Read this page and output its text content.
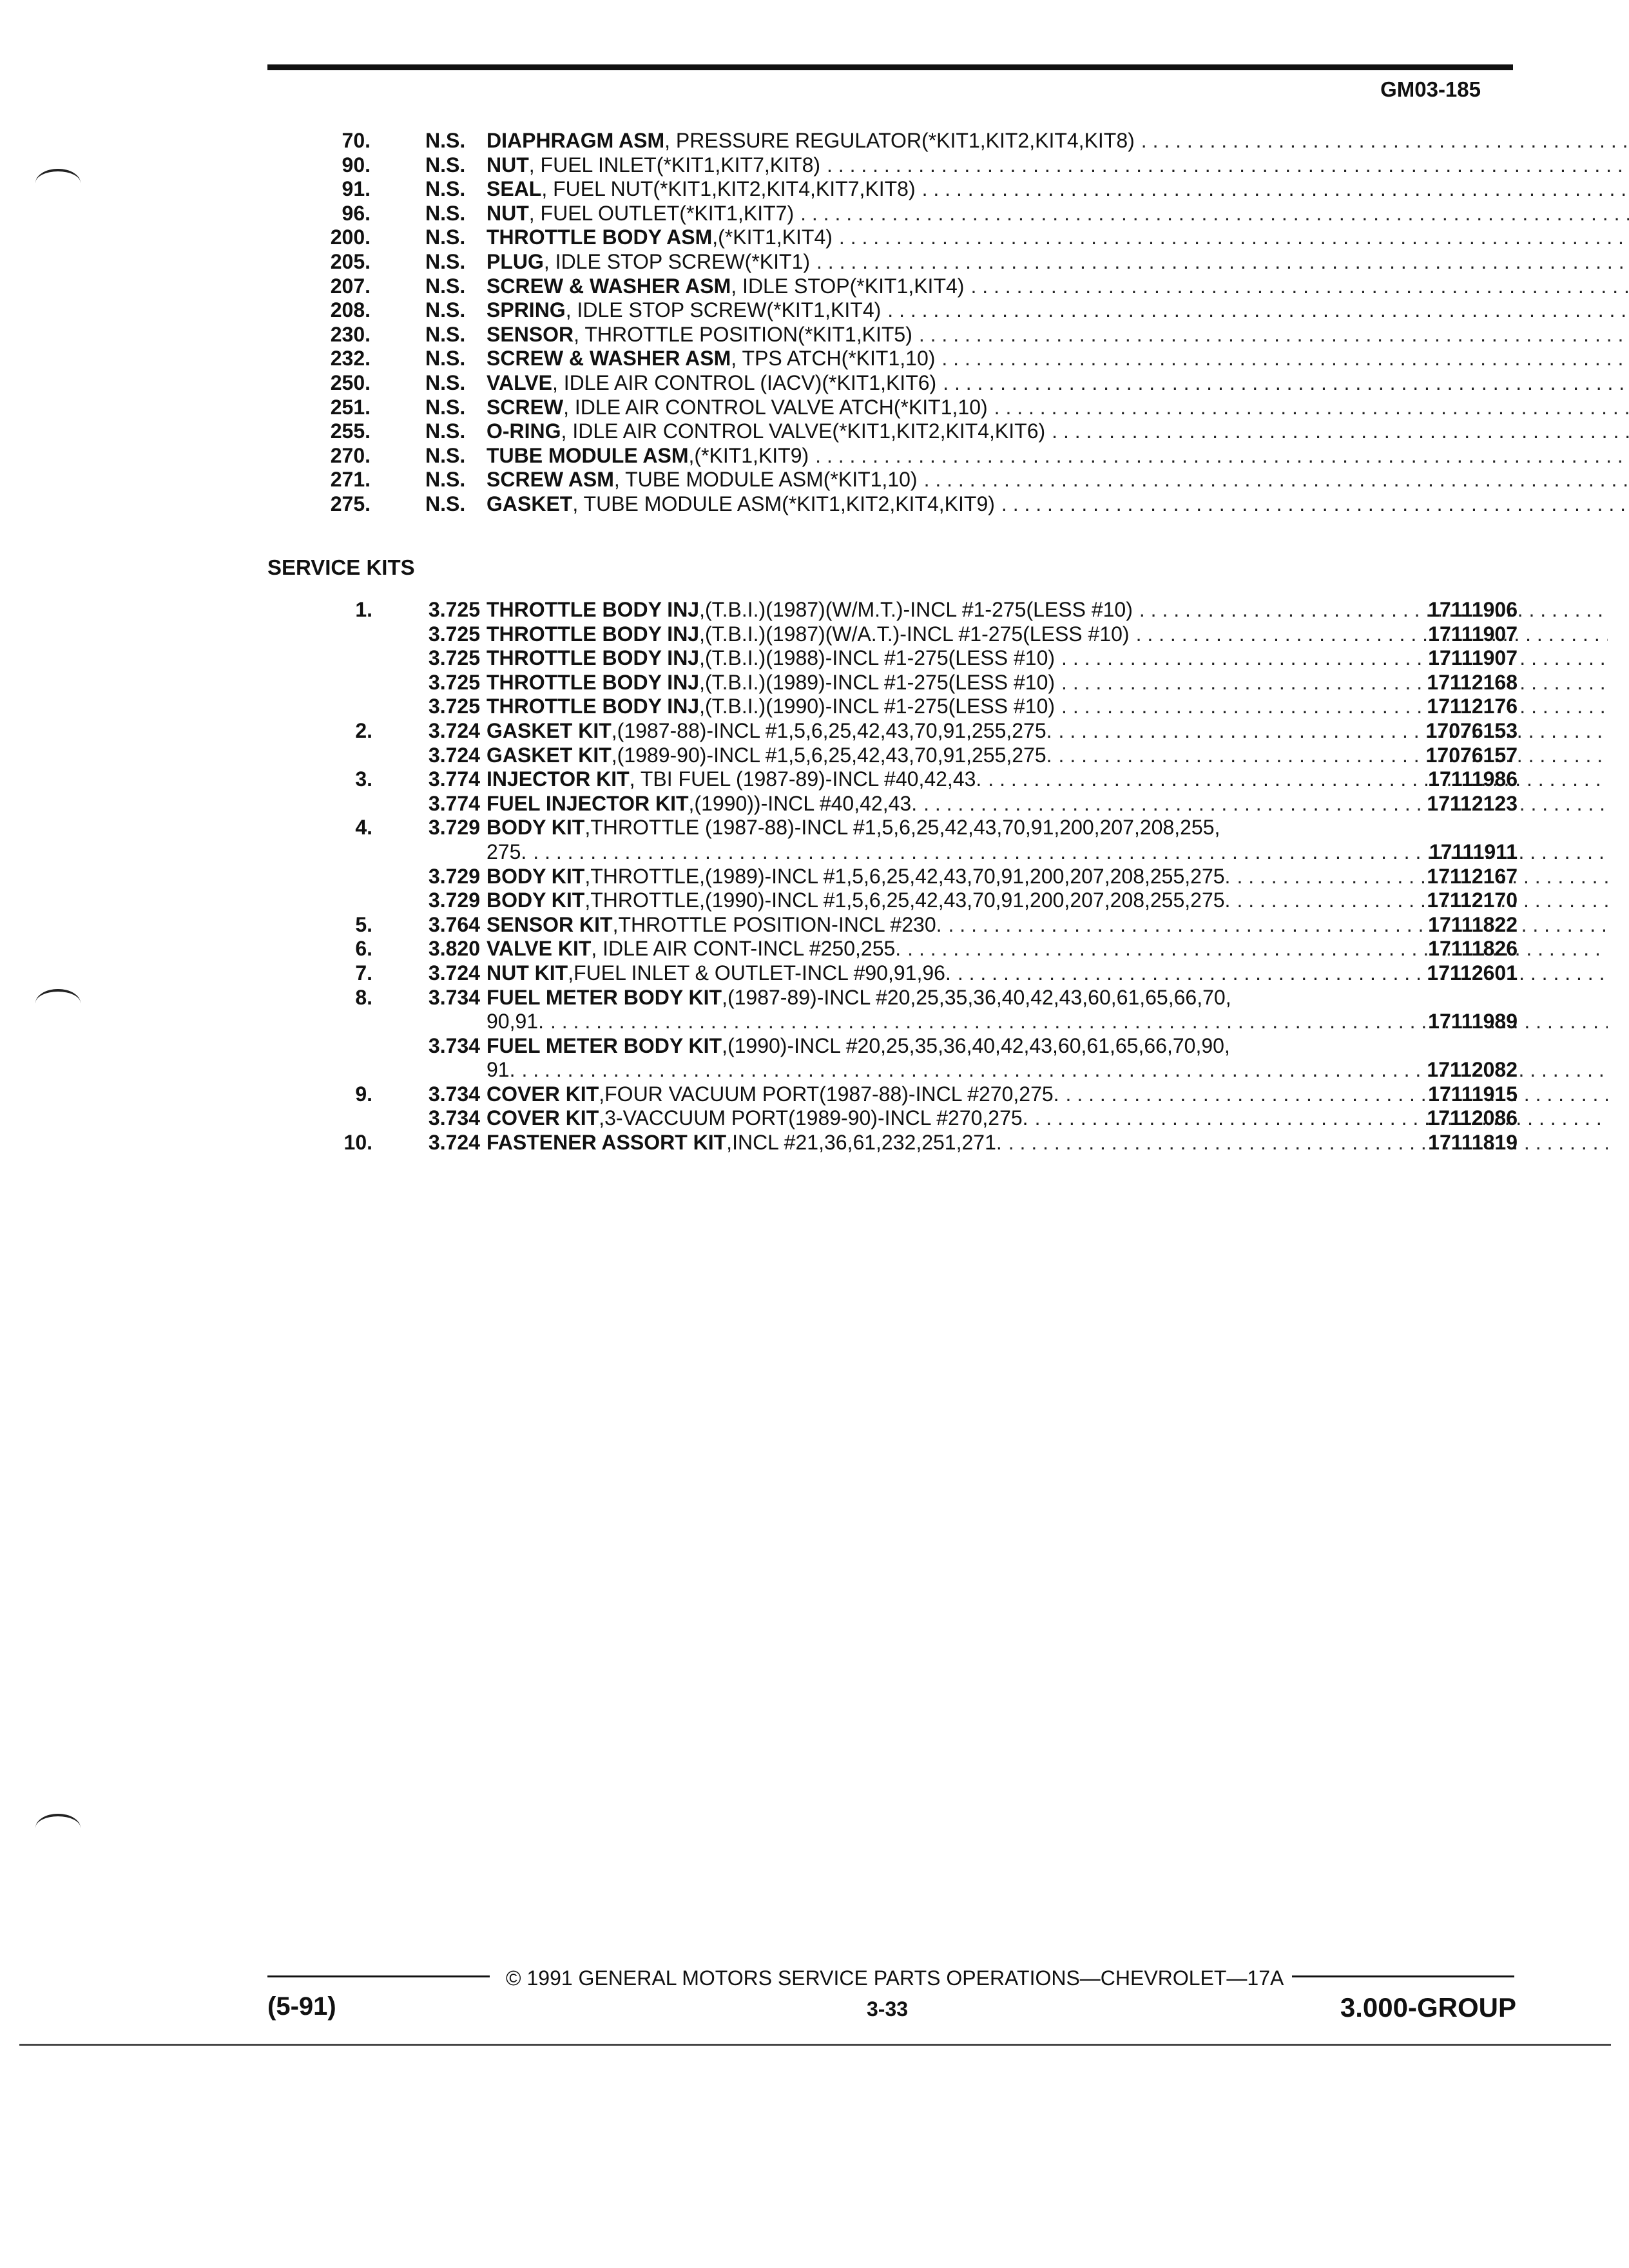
GM03-185
70.	N.S. DIAPHRAGM ASM , PRESSURE REGULATOR(*KIT1,KIT2,KIT4,KIT8)
. . .
90.	N.S. NUT , FUEL INLET(*KIT1,KIT7,KIT8)
. . .
91.	N.S. SEAL , FUEL NUT(*KIT1,KIT2,KIT4,KIT7,KIT8)
. . .
96.	N.S. NUT , FUEL OUTLET(*KIT1,KIT7)
. . .
200.	N.S. THROTTLE BODY ASM ,(*KIT1,KIT4)
. . .
205.	N.S. PLUG , IDLE STOP SCREW(*KIT1)
. . .
207.	N.S. SCREW & WASHER ASM , IDLE STOP(*KIT1,KIT4)
. . .
208.	N.S. SPRING , IDLE STOP SCREW(*KIT1,KIT4)
. . .
230.	N.S. SENSOR , THROTTLE POSITION(*KIT1,KIT5)
. . .
232.	N.S. SCREW & WASHER ASM , TPS ATCH(*KIT1,10)
. . .
250.	N.S. VALVE , IDLE AIR CONTROL (IACV)(*KIT1,KIT6)
. . .
251.	N.S. SCREW , IDLE AIR CONTROL VALVE ATCH(*KIT1,10)
. . .
255.	N.S. O-RING , IDLE AIR CONTROL VALVE(*KIT1,KIT2,KIT4,KIT6)
. . .
270.	N.S. TUBE MODULE ASM ,(*KIT1,KIT9)
. . .
271.	N.S. SCREW ASM , TUBE MODULE ASM(*KIT1,10)
. . .
275.	N.S. GASKET , TUBE MODULE ASM(*KIT1,KIT2,KIT4,KIT9)
. . .
SERVICE KITS
1.	3.725 THROTTLE BODY INJ ,(T.B.I.)(1987)(W/M.T.)-INCL #1-275(LESS #10) . . .	17111906
3.725 THROTTLE BODY INJ ,(T.B.I.)(1987)(W/A.T.)-INCL #1-275(LESS #10) . . .	17111907
3.725 THROTTLE BODY INJ ,(T.B.I.)(1988)-INCL #1-275(LESS #10) . . .	17111907
3.725 THROTTLE BODY INJ ,(T.B.I.)(1989)-INCL #1-275(LESS #10) . . .	17112168
3.725 THROTTLE BODY INJ ,(T.B.I.)(1990)-INCL #1-275(LESS #10) . . .	17112176
2.	3.724 GASKET KIT ,(1987-88)-INCL #1,5,6,25,42,43,70,91,255,275. . . .	17076153
3.724 GASKET KIT ,(1989-90)-INCL #1,5,6,25,42,43,70,91,255,275. . . .	17076157
3.	3.774 INJECTOR KIT , TBI FUEL (1987-89)-INCL #40,42,43. . . .	17111986
3.774 FUEL INJECTOR KIT ,(1990))-INCL #40,42,43. . . .	17112123
4.	3.729 BODY KIT ,THROTTLE (1987-88)-INCL #1,5,6,25,42,43,70,91,200,207,208,255,
275. . . .	17111911
3.729 BODY KIT ,THROTTLE,(1989)-INCL #1,5,6,25,42,43,70,91,200,207,208,255,275. . . .	17112167
3.729 BODY KIT ,THROTTLE,(1990)-INCL #1,5,6,25,42,43,70,91,200,207,208,255,275. . . .	17112170
5.	3.764 SENSOR KIT ,THROTTLE POSITION-INCL #230. . . .	17111822
6.	3.820 VALVE KIT , IDLE AIR CONT-INCL #250,255. . . .	17111826
7.	3.724 NUT KIT ,FUEL INLET & OUTLET-INCL #90,91,96. . . .	17112601
8.	3.734 FUEL METER BODY KIT ,(1987-89)-INCL #20,25,35,36,40,42,43,60,61,65,66,70,
90,91. . . .	17111989
3.734 FUEL METER BODY KIT ,(1990)-INCL #20,25,35,36,40,42,43,60,61,65,66,70,90,
91. . . .	17112082
9.	3.734 COVER KIT ,FOUR VACUUM PORT(1987-88)-INCL #270,275. . . .	17111915
3.734 COVER KIT ,3-VACCUUM PORT(1989-90)-INCL #270,275. . . .	17112086
10.	3.724 FASTENER ASSORT KIT ,INCL #21,36,61,232,251,271. . . .	17111819
© 1991 GENERAL MOTORS SERVICE PARTS OPERATIONS—CHEVROLET—17A
(5-91)	3-33	3.000-GROUP
